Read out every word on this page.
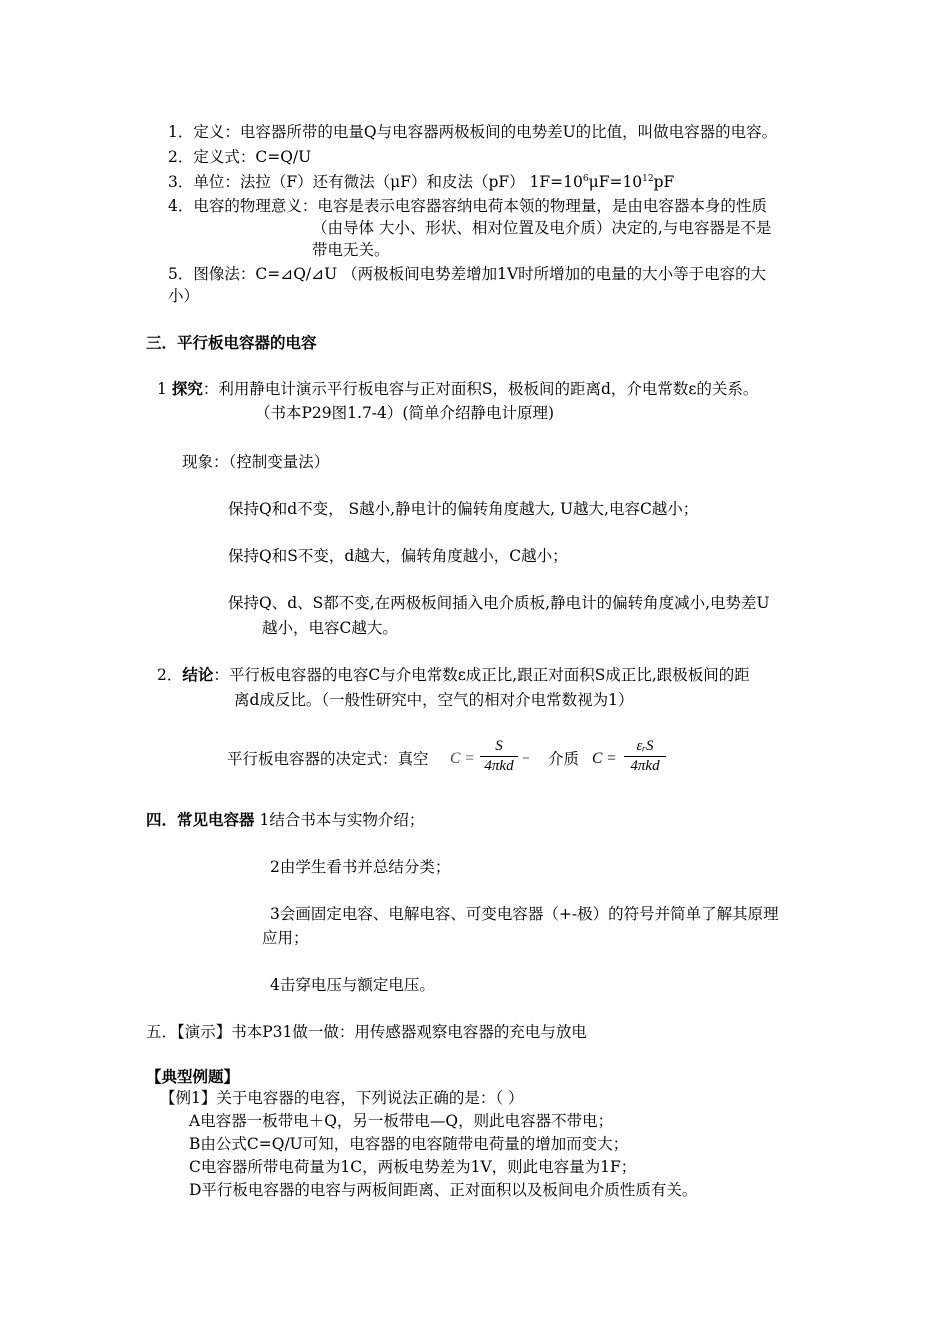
1．定义：电容器所带的电量Q与电容器两极板间的电势差U的比值，叫做电容器的电容。
2．定义式：C=Q/U
3．单位：法拉（F）还有微法（μF）和皮法（pF） $1F=10^6\mu F=10^{12}pF$
4．电容的物理意义：电容是表示电容器容纳电荷本领的物理量，是由电容器本身的性质
（由导体 大小、形状、相对位置及电介质）决定的,与电容器是不是
带电无关。
5．图像法：C=⊿Q/⊿U （两极板间电势差增加1V时所增加的电量的大小等于电容的大
小）
三．平行板电容器的电容
1 探究：利用静电计演示平行板电容与正对面积S，极板间的距离d，介电常数ε的关系。
（书本P29图1.7-4）(简单介绍静电计原理)
现象：（控制变量法）
保持Q和d不变， S越小,静电计的偏转角度越大, U越大,电容C越小；
保持Q和S不变，d越大，偏转角度越小，C越小；
保持Q、d、S都不变,在两极板间插入电介质板,静电计的偏转角度减小,电势差U
越小，电容C越大。
2．结论：平行板电容器的电容C与介电常数ε成正比,跟正对面积S成正比,跟极板间的距
离d成反比。（一般性研究中，空气的相对介电常数视为1）
平行板电容器的决定式：真空 C =
S
4πkd – 介质 C =
εᵣS
4πkd
四．常见电容器 1结合书本与实物介绍；
2由学生看书并总结分类；
3会画固定电容、电解电容、可变电容器（+-极）的符号并简单了解其原理
应用；
4击穿电压与额定电压。
五．【演示】书本P31做一做：用传感器观察电容器的充电与放电
【典型例题】
【例1】关于电容器的电容，下列说法正确的是：（ ）
A电容器一板带电＋Q，另一板带电—Q，则此电容器不带电；
B由公式C=Q/U可知，电容器的电容随带电荷量的增加而变大；
C电容器所带电荷量为1C，两板电势差为1V，则此电容量为1F；
D平行板电容器的电容与两板间距离、正对面积以及板间电介质性质有关。
